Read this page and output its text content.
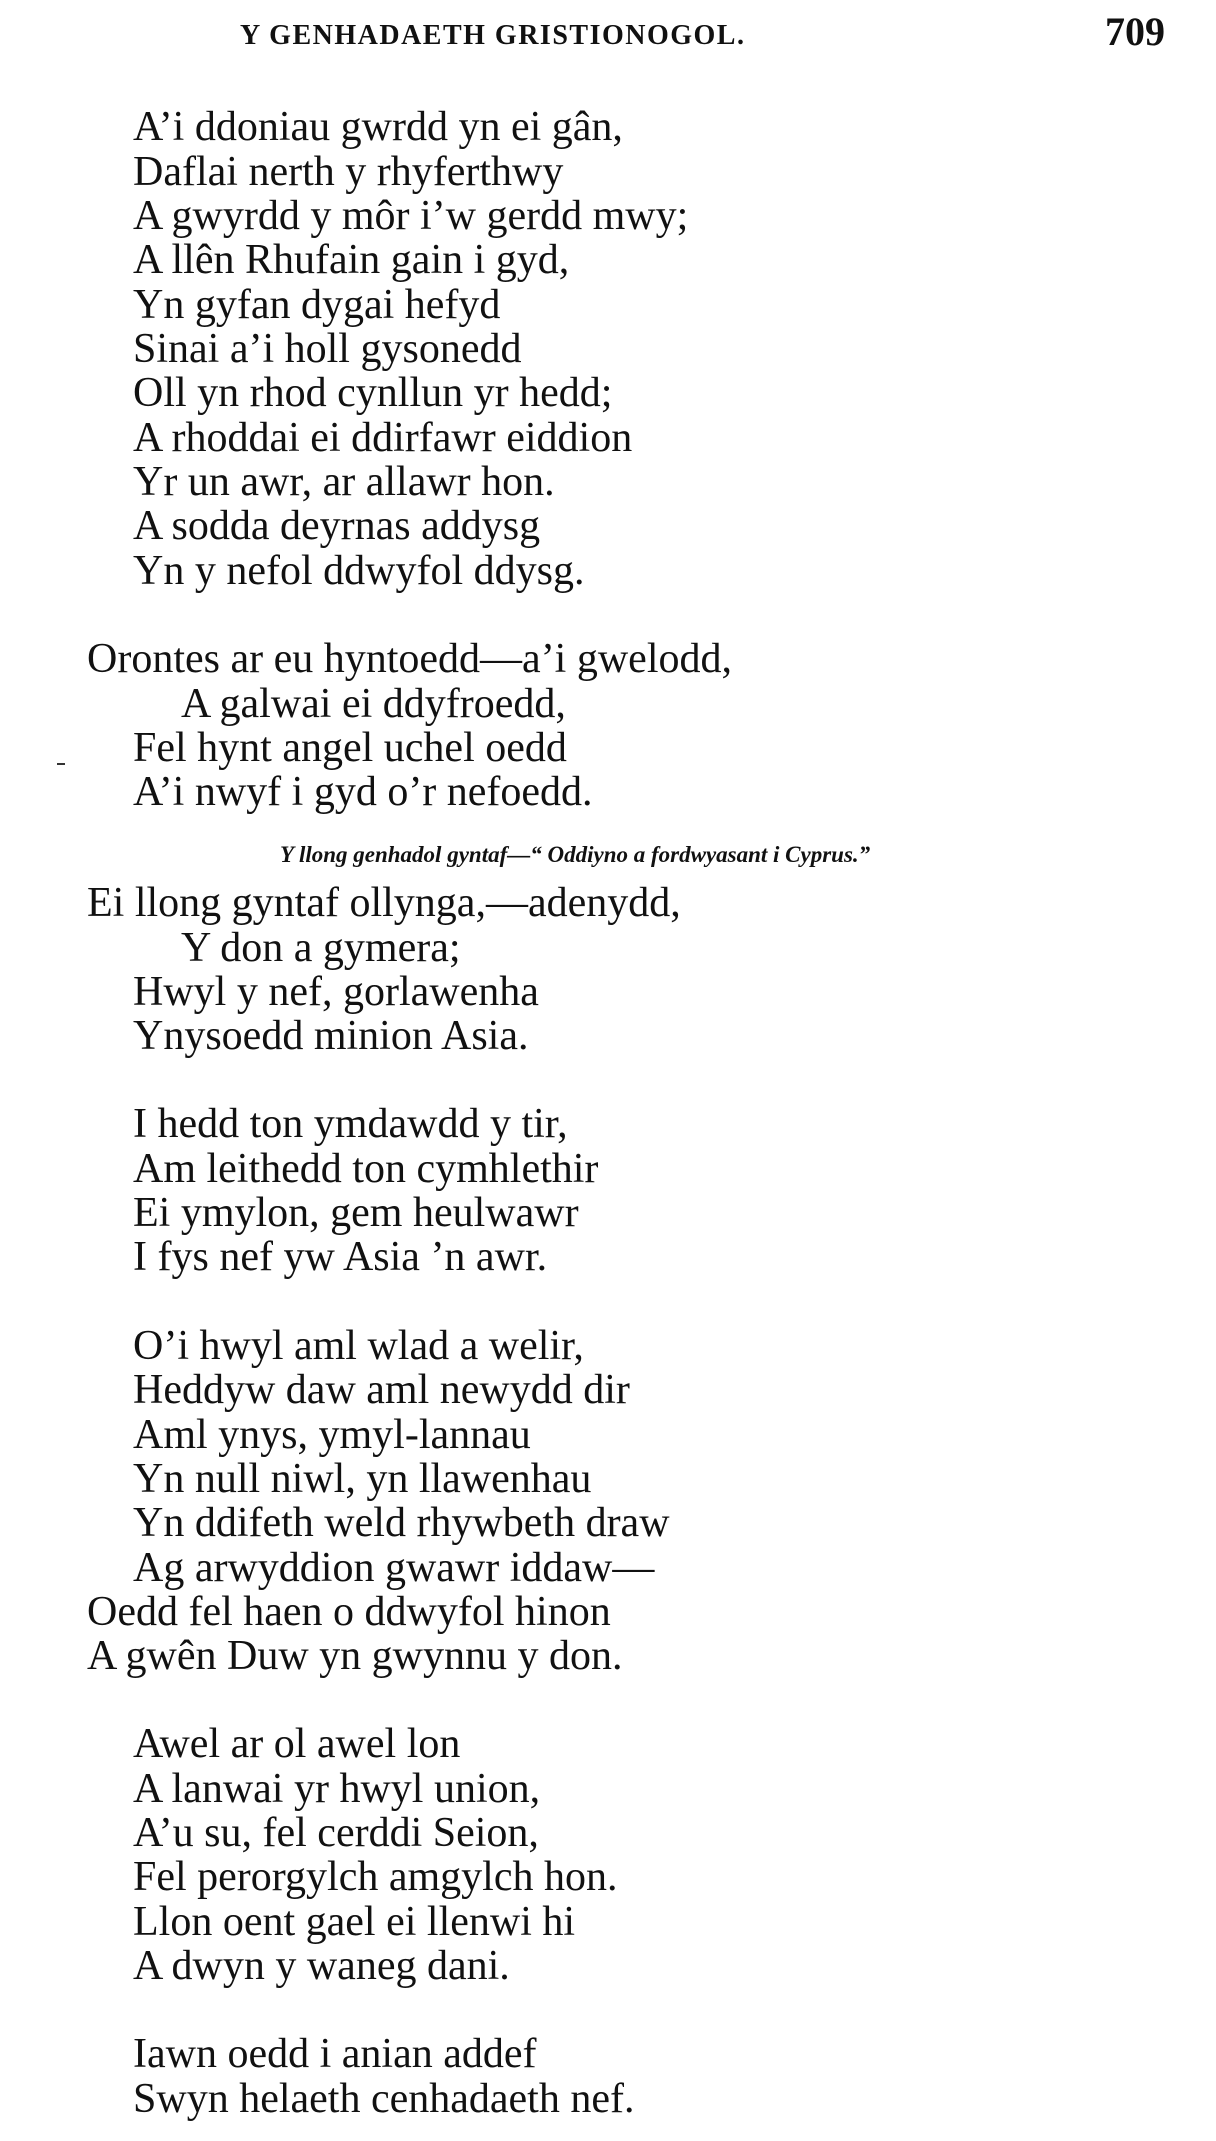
Y GENHADAETH GRISTIONOGOL.	709
A’i ddoniau gwrdd yn ei gân,
Daflai nerth y rhyferthwy
A gwyrdd y môr i’w gerdd mwy;
A llên Rhufain gain i gyd,
Yn gyfan dygai hefyd
Sinai a’i holl gysonedd
Oll yn rhod cynllun yr hedd;
A rhoddai ei ddirfawr eiddion
Yr un awr, ar allawr hon.
A sodda deyrnas addysg
Yn y nefol ddwyfol ddysg.
Orontes ar eu hyntoedd—a’i gwelodd,
A galwai ei ddyfroedd,
Fel hynt angel uchel oedd
A’i nwyf i gyd o’r nefoedd.
Y llong genhadol gyntaf—“ Oddiyno a fordwyasant i Cyprus.”
Ei llong gyntaf ollynga,—adenydd,
Y don a gymera;
Hwyl y nef, gorlawenha
Ynysoedd minion Asia.
I hedd ton ymdawdd y tir,
Am leithedd ton cymhlethir
Ei ymylon, gem heulwawr
I fys nef yw Asia ’n awr.
O’i hwyl aml wlad a welir,
Heddyw daw aml newydd dir
Aml ynys, ymyl-lannau
Yn null niwl, yn llawenhau
Yn ddifeth weld rhywbeth draw
Ag arwyddion gwawr iddaw—
Oedd fel haen o ddwyfol hinon
A gwên Duw yn gwynnu y don.
Awel ar ol awel lon
A lanwai yr hwyl union,
A’u su, fel cerddi Seion,
Fel perorgylch amgylch hon.
Llon oent gael ei llenwi hi
A dwyn y waneg dani.
Iawn oedd i anian addef
Swyn helaeth cenhadaeth nef.
